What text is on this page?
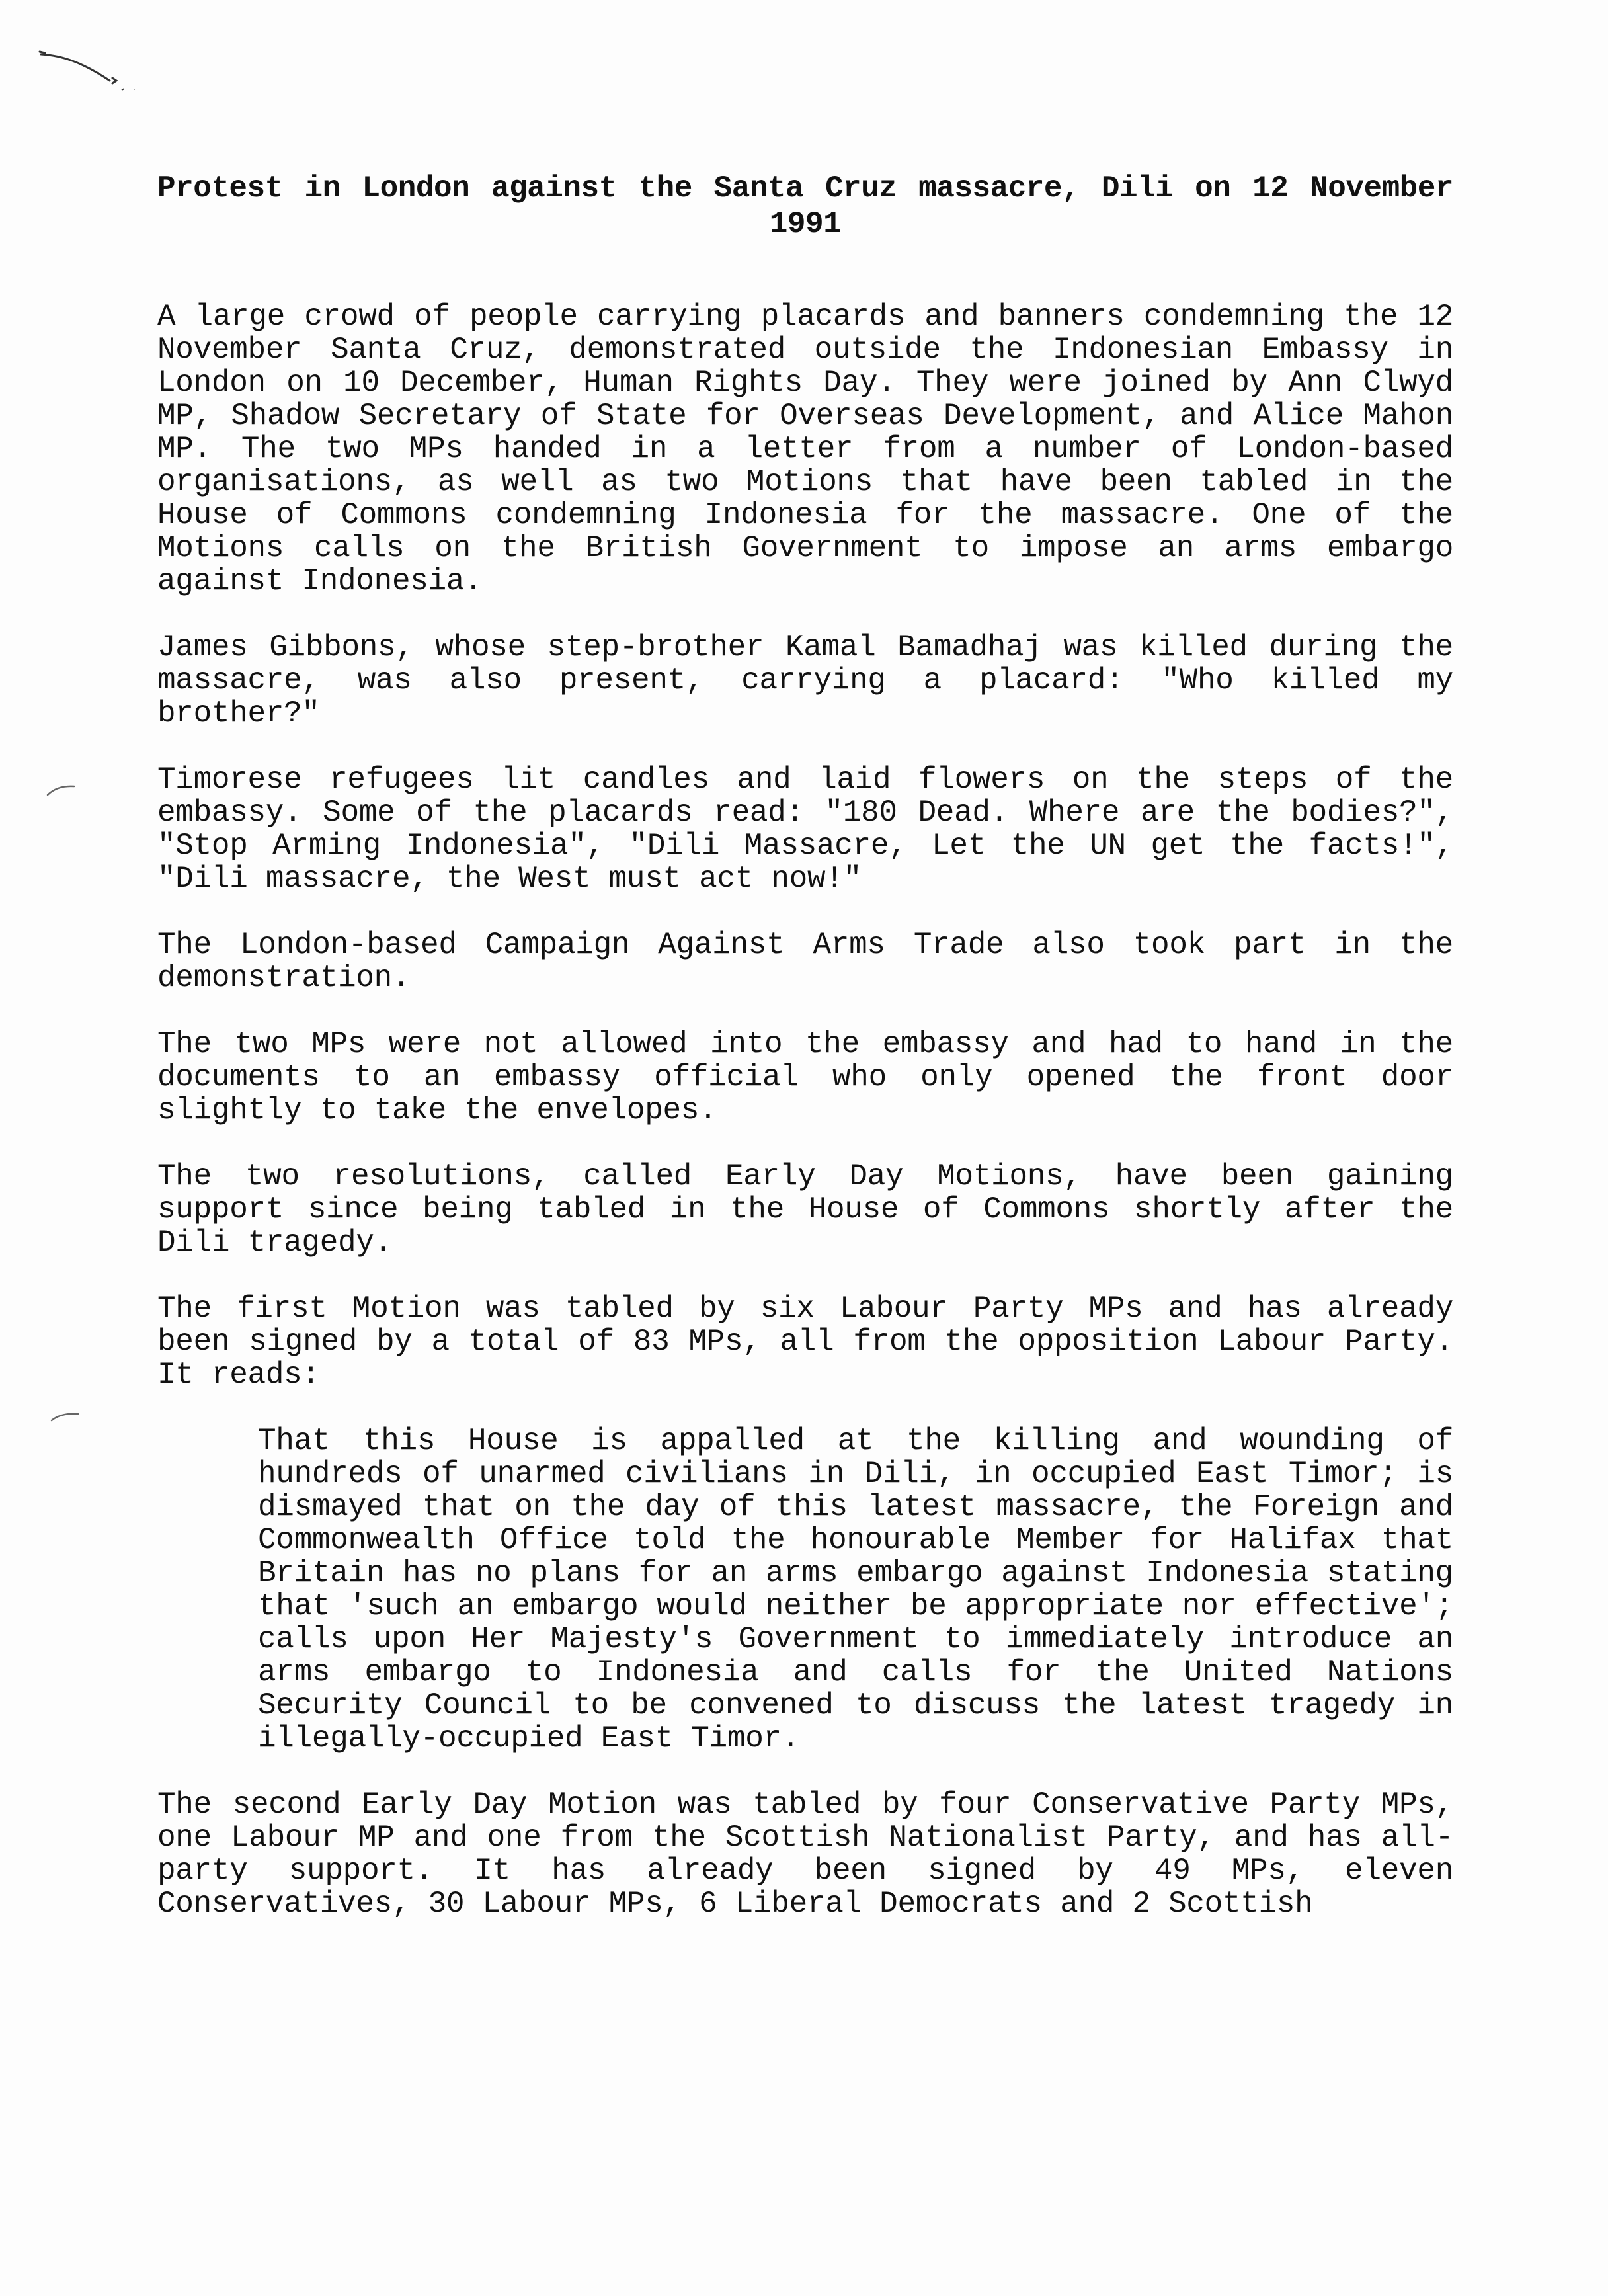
Protest in London against the Santa Cruz massacre, Dili on 12 November 1991

A large crowd of people carrying placards and banners condemning the 12 November Santa Cruz, demonstrated outside the Indonesian Embassy in London on 10 December, Human Rights Day. They were joined by Ann Clwyd MP, Shadow Secretary of State for Overseas Development, and Alice Mahon MP. The two MPs handed in a letter from a number of London-based organisations, as well as two Motions that have been tabled in the House of Commons condemning Indonesia for the massacre. One of the Motions calls on the British Government to impose an arms embargo against Indonesia.

James Gibbons, whose step-brother Kamal Bamadhaj was killed during the massacre, was also present, carrying a placard: "Who killed my brother?"

Timorese refugees lit candles and laid flowers on the steps of the embassy. Some of the placards read: "180 Dead. Where are the bodies?", "Stop Arming Indonesia", "Dili Massacre, Let the UN get the facts!", "Dili massacre, the West must act now!"

The London-based Campaign Against Arms Trade also took part in the demonstration.

The two MPs were not allowed into the embassy and had to hand in the documents to an embassy official who only opened the front door slightly to take the envelopes.

The two resolutions, called Early Day Motions, have been gaining support since being tabled in the House of Commons shortly after the Dili tragedy.

The first Motion was tabled by six Labour Party MPs and has already been signed by a total of 83 MPs, all from the opposition Labour Party. It reads:

That this House is appalled at the killing and wounding of hundreds of unarmed civilians in Dili, in occupied East Timor; is dismayed that on the day of this latest massacre, the Foreign and Commonwealth Office told the honourable Member for Halifax that Britain has no plans for an arms embargo against Indonesia stating that 'such an embargo would neither be appropriate nor effective'; calls upon Her Majesty's Government to immediately introduce an arms embargo to Indonesia and calls for the United Nations Security Council to be convened to discuss the latest tragedy in illegally-occupied East Timor.

The second Early Day Motion was tabled by four Conservative Party MPs, one Labour MP and one from the Scottish Nationalist Party, and has all-party support. It has already been signed by 49 MPs, eleven Conservatives, 30 Labour MPs, 6 Liberal Democrats and 2 Scottish
